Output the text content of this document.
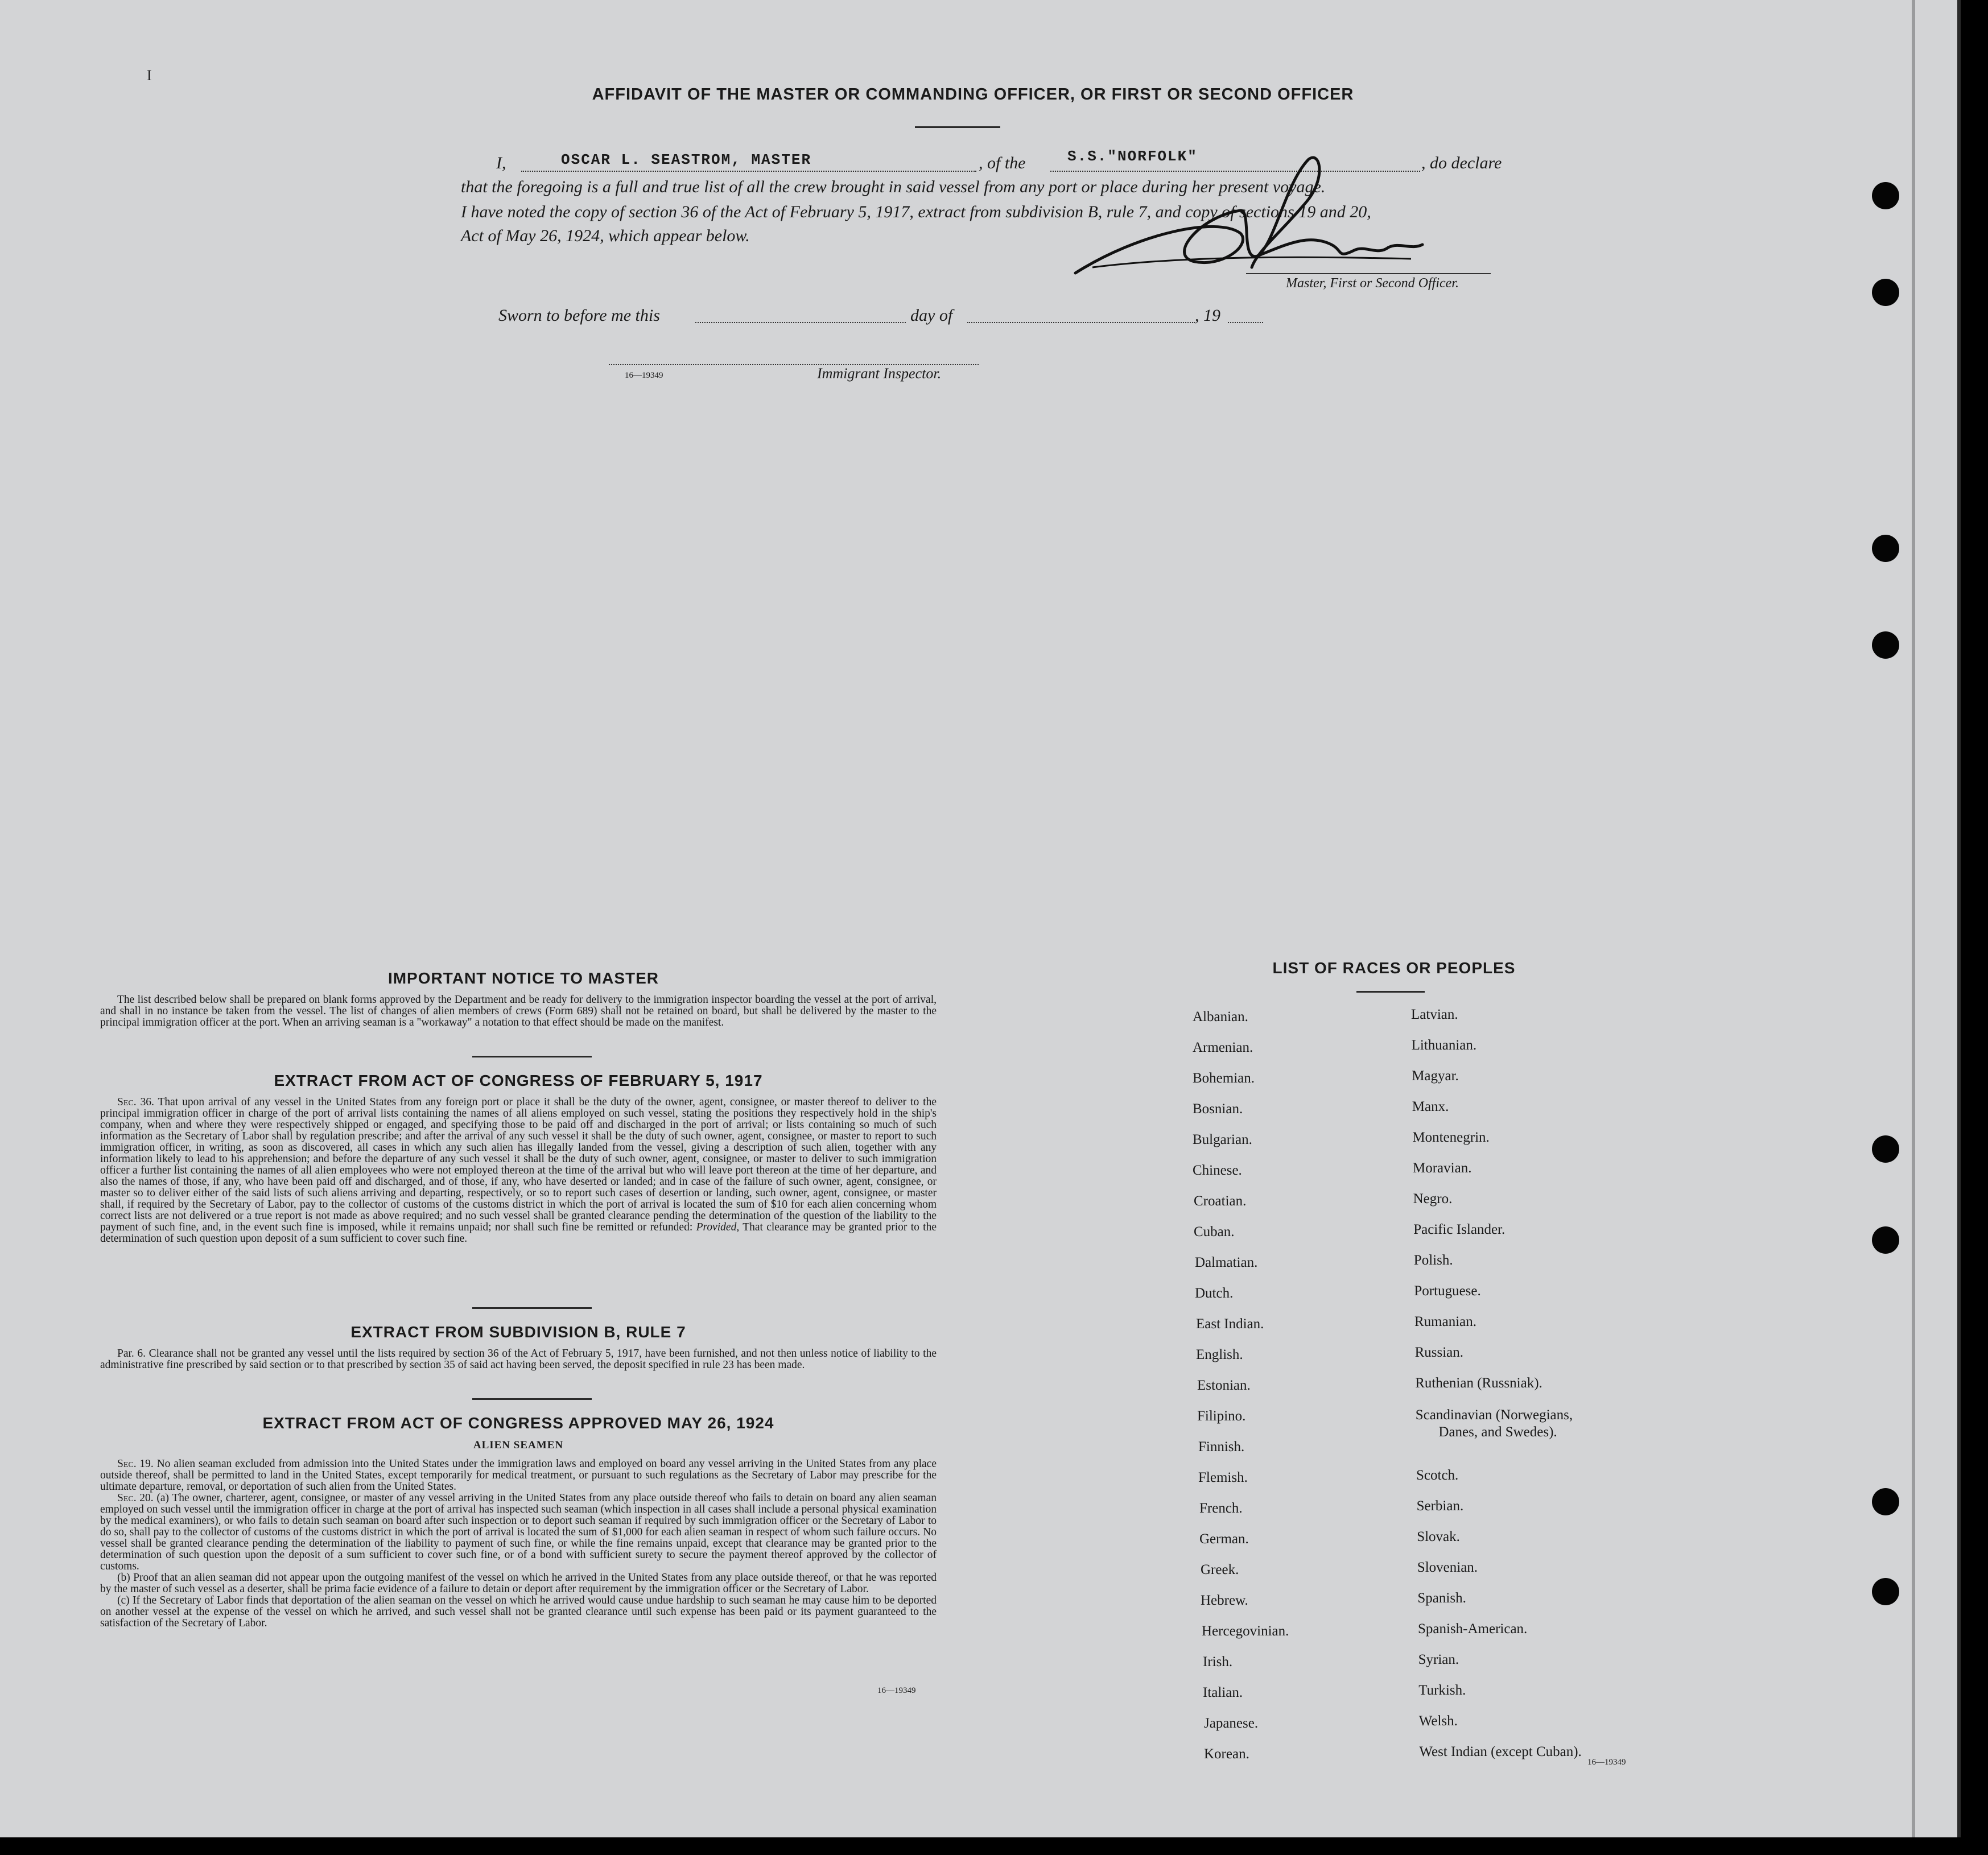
I
AFFIDAVIT OF THE MASTER OR COMMANDING OFFICER, OR FIRST OR SECOND OFFICER
I,	OSCAR L. SEASTROM, MASTER	, of the	S.S."NORFOLK"	, do declare
that the foregoing is a full and true list of all the crew brought in said vessel from any port or place during her present voyage.
I have noted the copy of section 36 of the Act of February 5, 1917, extract from subdivision B, rule 7, and copy of sections 19 and 20,
Act of May 26, 1924, which appear below.
Master, First or Second Officer.
Sworn to before me this	day of	, 19
16—19349	Immigrant Inspector.
IMPORTANT NOTICE TO MASTER

The list described below shall be prepared on blank forms approved by the Department and be ready for delivery to the immigration inspector boarding the vessel at the port of arrival, and shall in no instance be taken from the vessel. The list of changes of alien members of crews (Form 689) shall not be retained on board, but shall be delivered by the master to the principal immigration officer at the port. When an arriving seaman is a "workaway" a notation to that effect should be made on the manifest.

EXTRACT FROM ACT OF CONGRESS OF FEBRUARY 5, 1917

Sec. 36. That upon arrival of any vessel in the United States from any foreign port or place it shall be the duty of the owner, agent, consignee, or master thereof to deliver to the principal immigration officer in charge of the port of arrival lists containing the names of all aliens employed on such vessel, stating the positions they respectively hold in the ship's company, when and where they were respectively shipped or engaged, and specifying those to be paid off and discharged in the port of arrival; or lists containing so much of such information as the Secretary of Labor shall by regulation prescribe; and after the arrival of any such vessel it shall be the duty of such owner, agent, consignee, or master to report to such immigration officer, in writing, as soon as discovered, all cases in which any such alien has illegally landed from the vessel, giving a description of such alien, together with any information likely to lead to his apprehension; and before the departure of any such vessel it shall be the duty of such owner, agent, consignee, or master to deliver to such immigration officer a further list containing the names of all alien employees who were not employed thereon at the time of the arrival but who will leave port thereon at the time of her departure, and also the names of those, if any, who have been paid off and discharged, and of those, if any, who have deserted or landed; and in case of the failure of such owner, agent, consignee, or master so to deliver either of the said lists of such aliens arriving and departing, respectively, or so to report such cases of desertion or landing, such owner, agent, consignee, or master shall, if required by the Secretary of Labor, pay to the collector of customs of the customs district in which the port of arrival is located the sum of $10 for each alien concerning whom correct lists are not delivered or a true report is not made as above required; and no such vessel shall be granted clearance pending the determination of the question of the liability to the payment of such fine, and, in the event such fine is imposed, while it remains unpaid; nor shall such fine be remitted or refunded: Provided, That clearance may be granted prior to the determination of such question upon deposit of a sum sufficient to cover such fine.

EXTRACT FROM SUBDIVISION B, RULE 7

Par. 6. Clearance shall not be granted any vessel until the lists required by section 36 of the Act of February 5, 1917, have been furnished, and not then unless notice of liability to the administrative fine prescribed by said section or to that prescribed by section 35 of said act having been served, the deposit specified in rule 23 has been made.

EXTRACT FROM ACT OF CONGRESS APPROVED MAY 26, 1924
ALIEN SEAMEN

Sec. 19. No alien seaman excluded from admission into the United States under the immigration laws and employed on board any vessel arriving in the United States from any place outside thereof, shall be permitted to land in the United States, except temporarily for medical treatment, or pursuant to such regulations as the Secretary of Labor may prescribe for the ultimate departure, removal, or deportation of such alien from the United States.

Sec. 20. (a) The owner, charterer, agent, consignee, or master of any vessel arriving in the United States from any place outside thereof who fails to detain on board any alien seaman employed on such vessel until the immigration officer in charge at the port of arrival has inspected such seaman (which inspection in all cases shall include a personal physical examination by the medical examiners), or who fails to detain such seaman on board after such inspection or to deport such seaman if required by such immigration officer or the Secretary of Labor to do so, shall pay to the collector of customs of the customs district in which the port of arrival is located the sum of $1,000 for each alien seaman in respect of whom such failure occurs. No vessel shall be granted clearance pending the determination of the liability to payment of such fine, or while the fine remains unpaid, except that clearance may be granted prior to the determination of such question upon the deposit of a sum sufficient to cover such fine, or of a bond with sufficient surety to secure the payment thereof approved by the collector of customs.

(b) Proof that an alien seaman did not appear upon the outgoing manifest of the vessel on which he arrived in the United States from any place outside thereof, or that he was reported by the master of such vessel as a deserter, shall be prima facie evidence of a failure to detain or deport after requirement by the immigration officer or the Secretary of Labor.

(c) If the Secretary of Labor finds that deportation of the alien seaman on the vessel on which he arrived would cause undue hardship to such seaman he may cause him to be deported on another vessel at the expense of the vessel on which he arrived, and such vessel shall not be granted clearance until such expense has been paid or its payment guaranteed to the satisfaction of the Secretary of Labor.

16—19349
LIST OF RACES OR PEOPLES
Albanian.
Armenian.
Bohemian.
Bosnian.
Bulgarian.
Chinese.
Croatian.
Cuban.
Dalmatian.
Dutch.
East Indian.
English.
Estonian.
Filipino.
Finnish.
Flemish.
French.
German.
Greek.
Hebrew.
Hercegovinian.
Irish.
Italian.
Japanese.
Korean.
Latvian.
Lithuanian.
Magyar.
Manx.
Montenegrin.
Moravian.
Negro.
Pacific Islander.
Polish.
Portuguese.
Rumanian.
Russian.
Ruthenian (Russniak).
Scandinavian (Norwegians,
Danes, and Swedes).
Scotch.
Serbian.
Slovak.
Slovenian.
Spanish.
Spanish-American.
Syrian.
Turkish.
Welsh.
West Indian (except Cuban).
16—19349
